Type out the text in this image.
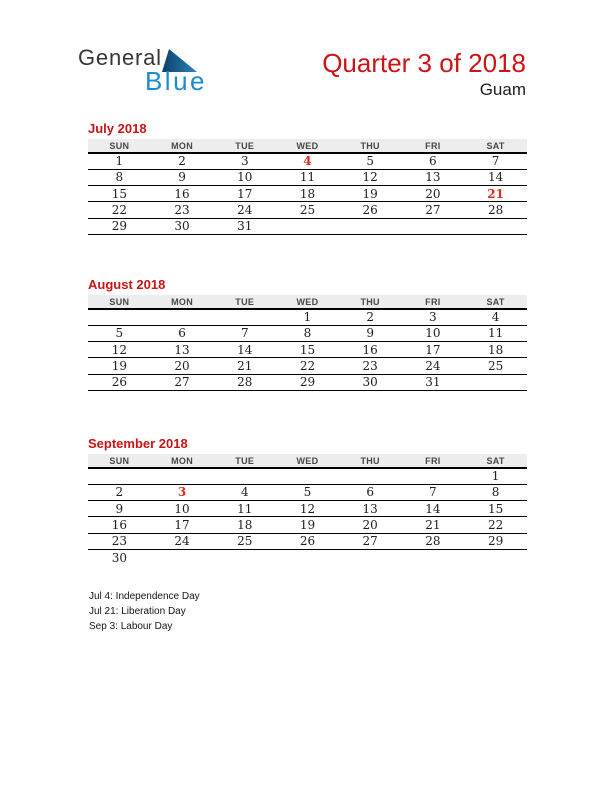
General
Blue
Quarter 3 of 2018
Guam
July 2018
SUN	MON	TUE	WED	THU	FRI	SAT
1	2	3	4	5	6	7
8	9	10	11	12	13	14
15	16	17	18	19	20	21
22	23	24	25	26	27	28
29	30	31				
August 2018
SUN	MON	TUE	WED	THU	FRI	SAT
			1	2	3	4
5	6	7	8	9	10	11
12	13	14	15	16	17	18
19	20	21	22	23	24	25
26	27	28	29	30	31	
September 2018
SUN	MON	TUE	WED	THU	FRI	SAT
						1
2	3	4	5	6	7	8
9	10	11	12	13	14	15
16	17	18	19	20	21	22
23	24	25	26	27	28	29
30						
Jul 4: Independence Day
Jul 21: Liberation Day
Sep 3: Labour Day
